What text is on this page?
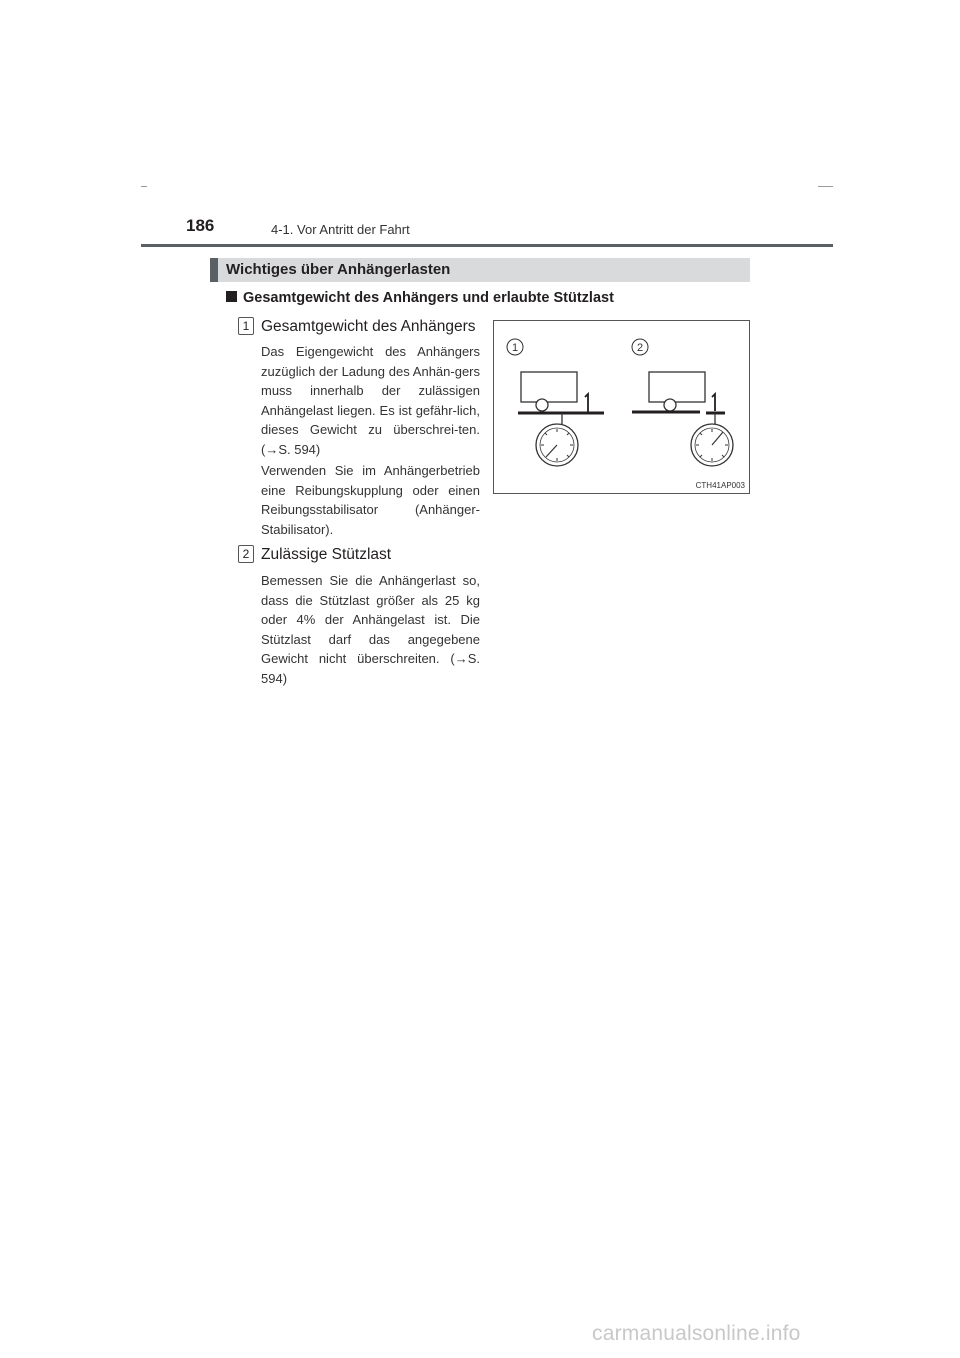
186	4-1. Vor Antritt der Fahrt
Wichtiges über Anhängerlasten
Gesamtgewicht des Anhängers und erlaubte Stützlast
1 Gesamtgewicht des Anhängers
Das Eigengewicht des Anhängers zuzüglich der Ladung des Anhän-gers muss innerhalb der zulässigen Anhängelast liegen. Es ist gefähr-lich, dieses Gewicht zu überschrei-ten. (→S. 594)
Verwenden Sie im Anhängerbetrieb eine Reibungskupplung oder einen Reibungsstabilisator (Anhänger-Stabilisator).
2 Zulässige Stützlast
Bemessen Sie die Anhängerlast so, dass die Stützlast größer als 25 kg oder 4% der Anhängelast ist. Die Stützlast darf das angegebene Gewicht nicht überschreiten. (→S. 594)
1	2
CTH41AP003
carmanualsonline.info
